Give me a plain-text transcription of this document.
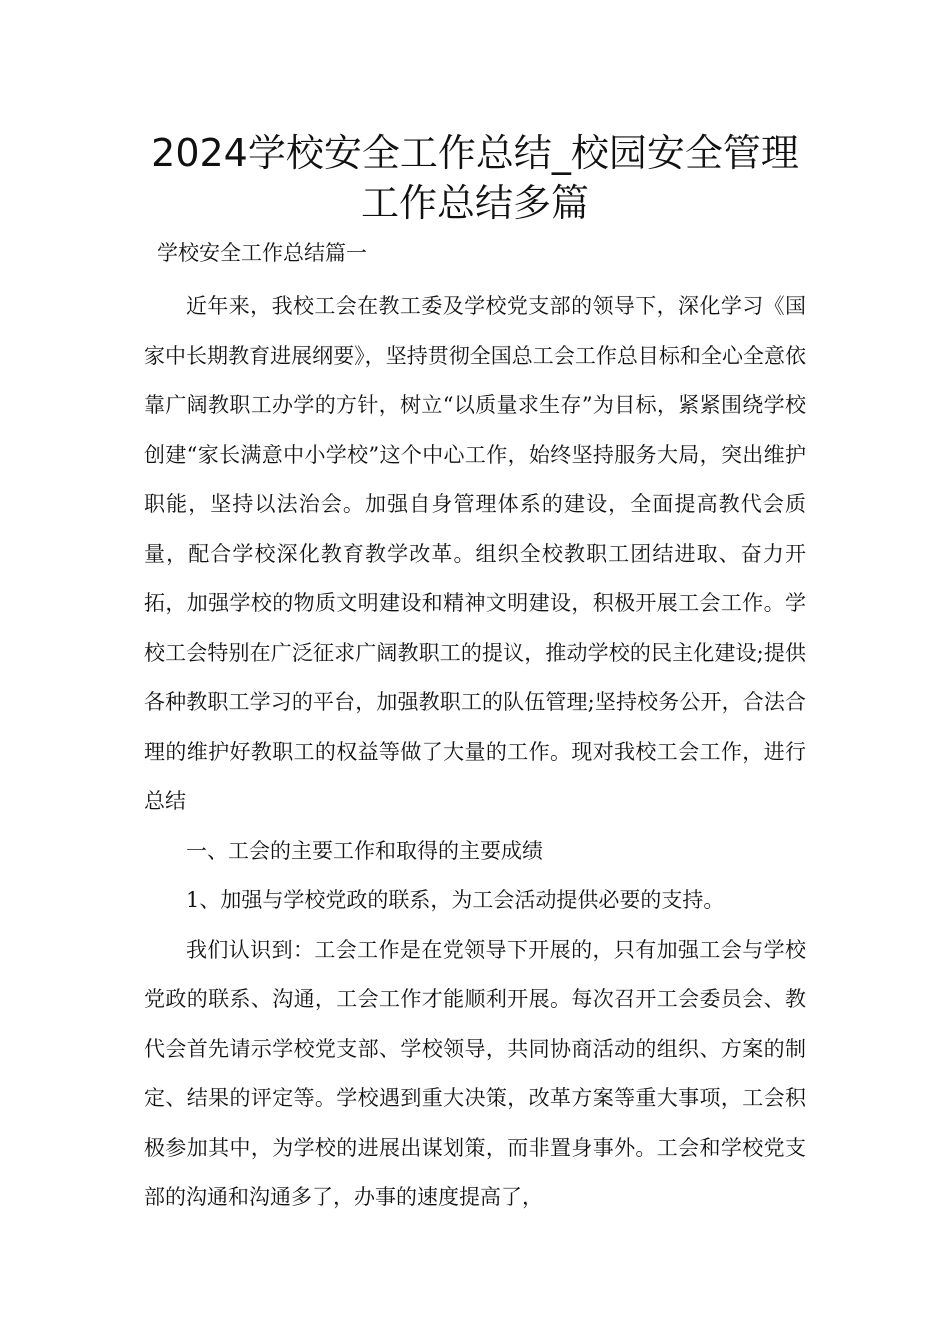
2024学校安全工作总结_校园安全管理
工作总结多篇
学校安全工作总结篇一

近年来，我校工会在教工委及学校党支部的领导下，深化学习《国家中长期教育进展纲要》，坚持贯彻全国总工会工作总目标和全心全意依靠广阔教职工办学的方针，树立“以质量求生存”为目标，紧紧围绕学校创建“家长满意中小学校”这个中心工作，始终坚持服务大局，突出维护职能，坚持以法治会。加强自身管理体系的建设，全面提高教代会质量，配合学校深化教育教学改革。组织全校教职工团结进取、奋力开拓，加强学校的物质文明建设和精神文明建设，积极开展工会工作。学校工会特别在广泛征求广阔教职工的提议，推动学校的民主化建设;提供各种教职工学习的平台，加强教职工的队伍管理;坚持校务公开，合法合理的维护好教职工的权益等做了大量的工作。现对我校工会工作，进行总结

一、工会的主要工作和取得的主要成绩

1、加强与学校党政的联系，为工会活动提供必要的支持。

我们认识到：工会工作是在党领导下开展的，只有加强工会与学校党政的联系、沟通，工会工作才能顺利开展。每次召开工会委员会、教代会首先请示学校党支部、学校领导，共同协商活动的组织、方案的制定、结果的评定等。学校遇到重大决策，改革方案等重大事项，工会积极参加其中，为学校的进展出谋划策，而非置身事外。工会和学校党支部的沟通和沟通多了，办事的速度提高了，
